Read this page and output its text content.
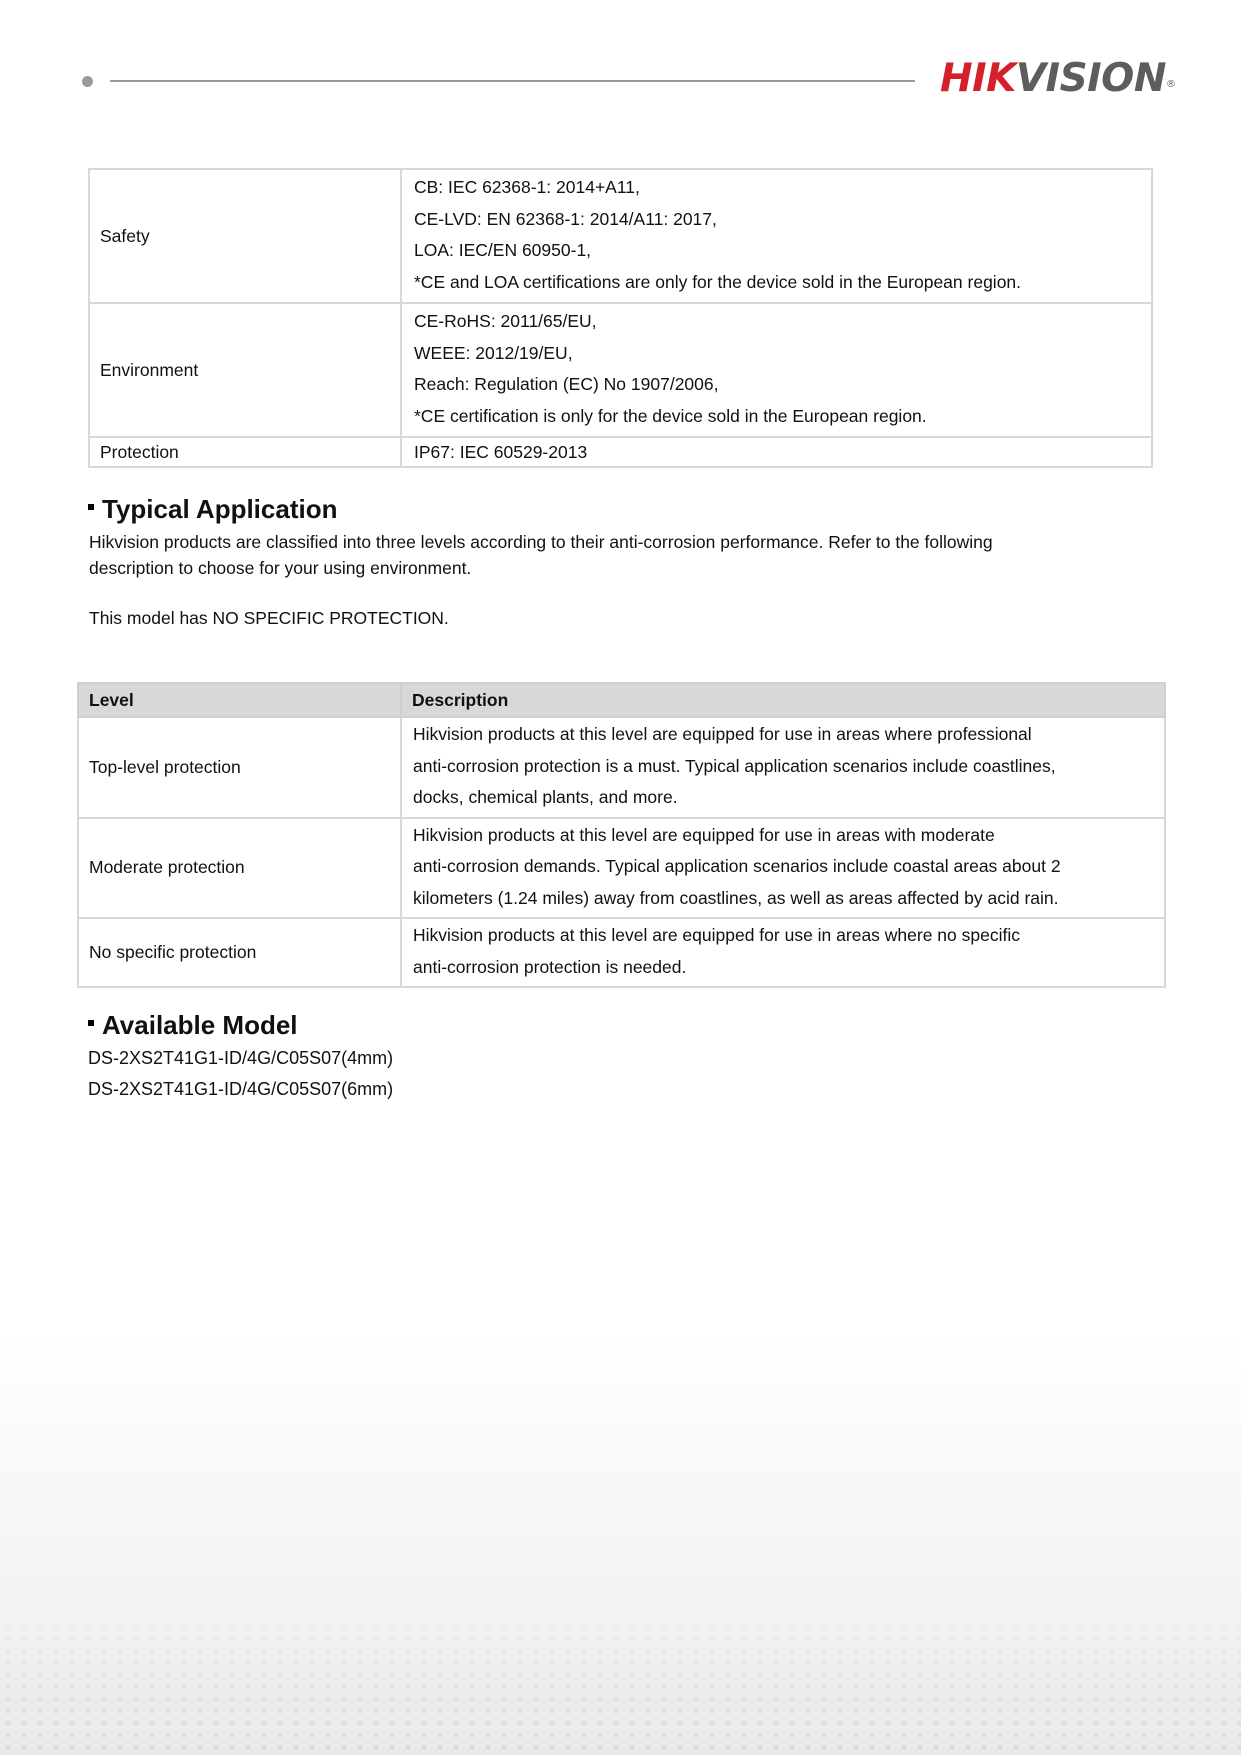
HIKVISION®
Safety	CB: IEC 62368-1: 2014+A11,
CE-LVD: EN 62368-1: 2014/A11: 2017,
LOA: IEC/EN 60950-1,
*CE and LOA certifications are only for the device sold in the European region.

Environment	CE-RoHS: 2011/65/EU,
WEEE: 2012/19/EU,
Reach: Regulation (EC) No 1907/2006,
*CE certification is only for the device sold in the European region.

Protection	IP67: IEC 60529-2013
Typical Application
Hikvision products are classified into three levels according to their anti-corrosion performance. Refer to the following
description to choose for your using environment.
This model has NO SPECIFIC PROTECTION.
Level	Description
Top-level protection	Hikvision products at this level are equipped for use in areas where professional
anti-corrosion protection is a must. Typical application scenarios include coastlines,
docks, chemical plants, and more.

Moderate protection	Hikvision products at this level are equipped for use in areas with moderate
anti-corrosion demands. Typical application scenarios include coastal areas about 2
kilometers (1.24 miles) away from coastlines, as well as areas affected by acid rain.

No specific protection	Hikvision products at this level are equipped for use in areas where no specific
anti-corrosion protection is needed.
Available Model
DS-2XS2T41G1-ID/4G/C05S07(4mm)
DS-2XS2T41G1-ID/4G/C05S07(6mm)
